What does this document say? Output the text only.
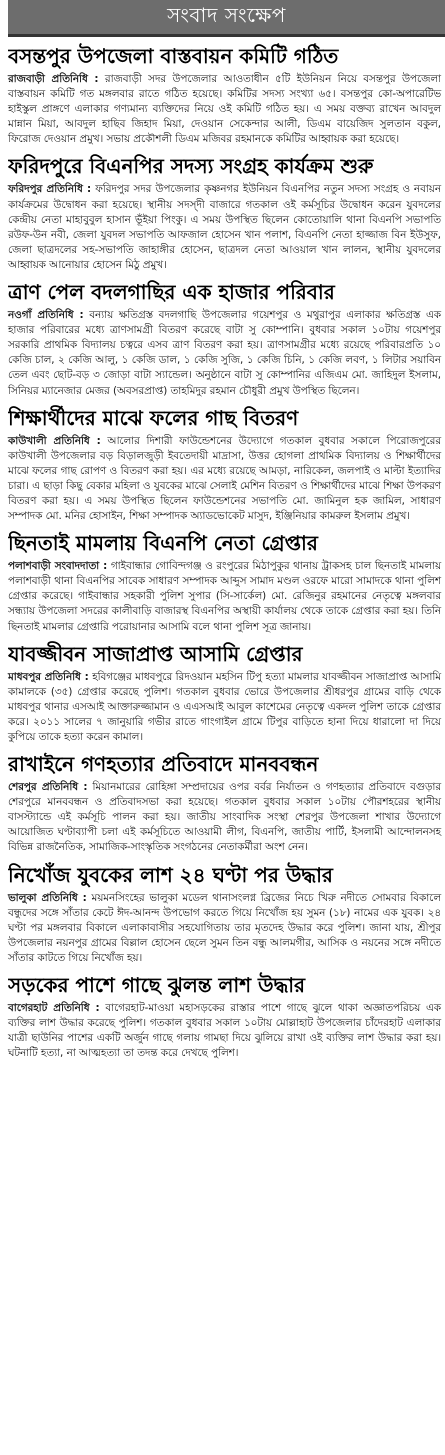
সংবাদ সংক্ষেপ
বসন্তপুর উপজেলা বাস্তবায়ন কমিটি গঠিত

রাজবাড়ী প্রতিনিধি : রাজবাড়ী সদর উপজেলার আওতাধীন ৫টি ইউনিয়ন নিয়ে বসন্তপুর উপজেলা বাস্তবায়ন কমিটি গত মঙ্গলবার রাতে গঠিত হয়েছে। কমিটির সদস্য সংখ্যা ৬৫। বসন্তপুর কো-অপারেটিভ হাইস্কুল প্রাঙ্গণে এলাকার গণ্যমান্য ব্যক্তিদের নিয়ে ওই কমিটি গঠিত হয়। এ সময় বক্তব্য রাখেন আবদুল মান্নান মিয়া, আবদুল হাছিব জিহাদ মিয়া, দেওয়ান সেকেন্দার আলী, ডিএম বায়েজিদ সুলতান বকুল, ফিরোজ দেওয়ান প্রমুখ। সভায় প্রকৌশলী ডিএম মজিবর রহমানকে কমিটির আহ্বায়ক করা হয়েছে।

ফরিদপুরে বিএনপির সদস্য সংগ্রহ কার্যক্রম শুরু

ফরিদপুর প্রতিনিধি : ফরিদপুর সদর উপজেলার কৃষ্ণনগর ইউনিয়ন বিএনপির নতুন সদস্য সংগ্রহ ও নবায়ন কার্যক্রমের উদ্বোধন করা হয়েছে। স্থানীয় সদস্দী বাজারে গতকাল ওই কর্মসূচির উদ্বোধন করেন যুবদলের কেন্দ্রীয় নেতা মাহাবুবুল হাসান ভূঁইয়া পিংকু। এ সময় উপস্থিত ছিলেন কোতোয়ালি থানা বিএনপি সভাপতি রউফ-উন নবী, জেলা যুবদল সভাপতি আফজাল হোসেন খান পলাশ, বিএনপি নেতা হাজ্জাজ বিন ইউসুফ, জেলা ছাত্রদলের সহ-সভাপতি জাহাঙ্গীর হোসেন, ছাত্রদল নেতা আওয়াল খান লালন, স্থানীয় যুবদলের আহ্বায়ক আনোয়ার হোসেন মিঠু প্রমুখ।

ত্রাণ পেল বদলগাছির এক হাজার পরিবার

নওগাঁ প্রতিনিধি : বন্যায় ক্ষতিগ্রস্ত বদলগাছি উপজেলার গয়েশপুর ও মথুরাপুর এলাকার ক্ষতিগ্রস্ত এক হাজার পরিবারের মধ্যে ত্রাণসামগ্রী বিতরণ করেছে বাটা সু কোম্পানি। বুধবার সকাল ১০টায় গয়েশপুর সরকারি প্রাথমিক বিদ্যালয় চত্বরে এসব ত্রাণ বিতরণ করা হয়। ত্রাণসামগ্রীর মধ্যে রয়েছে পরিবারপ্রতি ১০ কেজি চাল, ২ কেজি আলু, ১ কেজি ডাল, ১ কেজি সুজি, ১ কেজি চিনি, ১ কেজি লবণ, ১ লিটার সয়াবিন তেল এবং ছোট-বড় ৩ জোড়া বাটা স্যান্ডেল। অনুষ্ঠানে বাটা সু কোম্পানির এজিএম মো. জাহিদুল ইসলাম, সিনিয়র ম্যানেজার মেজর (অবসরপ্রাপ্ত) তাহমিদুর রহমান চৌধুরী প্রমুখ উপস্থিত ছিলেন।

শিক্ষার্থীদের মাঝে ফলের গাছ বিতরণ

কাউখালী প্রতিনিধি : আলোর দিশারী ফাউন্ডেশনের উদ্যোগে গতকাল বুধবার সকালে পিরোজপুরের কাউখালী উপজেলার বড় বিড়ালজুড়ী ইবতেদায়ী মাদ্রাসা, উত্তর হোগলা প্রাথমিক বিদ্যালয় ও শিক্ষার্থীদের মাঝে ফলের গাছ রোপণ ও বিতরণ করা হয়। এর মধ্যে রয়েছে আমড়া, নারিকেল, জলপাই ও মাল্টা ইত্যাদির চারা। এ ছাড়া কিছু বেকার মহিলা ও যুবকের মাঝে সেলাই মেশিন বিতরণ ও শিক্ষার্থীদের মাঝে শিক্ষা উপকরণ বিতরণ করা হয়। এ সময় উপস্থিত ছিলেন ফাউন্ডেশনের সভাপতি মো. জামিনুল হক জামিল, সাধারণ সম্পাদক মো. মনির হোসাইন, শিক্ষা সম্পাদক অ্যাডভোকেট মাসুদ, ইঞ্জিনিয়ার কামরুল ইসলাম প্রমুখ।

ছিনতাই মামলায় বিএনপি নেতা গ্রেপ্তার

পলাশবাড়ী সংবাদদাতা : গাইবান্ধার গোবিন্দগঞ্জ ও রংপুরের মিঠাপুকুর থানায় ট্রাকসহ চাল ছিনতাই মামলায় পলাশবাড়ী থানা বিএনপির সাবেক সাধারণ সম্পাদক আব্দুস সামাদ মণ্ডল ওরফে মারো সামাদকে থানা পুলিশ গ্রেপ্তার করেছে। গাইবান্ধার সহকারী পুলিশ সুপার (সি-সার্কেল) মো. রেজিনুর রহমানের নেতৃত্বে মঙ্গলবার সন্ধ্যায় উপজেলা সদরের কালীবাড়ি বাজারস্থ বিএনপির অস্থায়ী কার্যালয় থেকে তাকে গ্রেপ্তার করা হয়। তিনি ছিনতাই মামলার গ্রেপ্তারি পরোয়ানার আসামি বলে থানা পুলিশ সূত্র জানায়।

যাবজ্জীবন সাজাপ্রাপ্ত আসামি গ্রেপ্তার

মাধবপুর প্রতিনিধি : হবিগঞ্জের মাধবপুরে রিদওয়ান মহসিন টিপু হত্যা মামলার যাবজ্জীবন সাজাপ্রাপ্ত আসামি কামালকে (৩৫) গ্রেপ্তার করেছে পুলিশ। গতকাল বুধবার ভোরে উপজেলার শ্রীধরপুর গ্রামের বাড়ি থেকে মাধবপুর থানার এসআই আক্তারুজ্জামান ও এএসআই আবুল কাশেমের নেতৃত্বে একদল পুলিশ তাকে গ্রেপ্তার করে। ২০১১ সালের ৭ জানুয়ারি গভীর রাতে গাংগাইল গ্রামে টিপুর বাড়িতে হানা দিয়ে ধারালো দা দিয়ে কুপিয়ে তাকে হত্যা করেন কামাল।

রাখাইনে গণহত্যার প্রতিবাদে মানববন্ধন

শেরপুর প্রতিনিধি : মিয়ানমারের রোহিঙ্গা সম্প্রদায়ের ওপর বর্বর নির্যাতন ও গণহত্যার প্রতিবাদে বগুড়ার শেরপুরে মানববন্ধন ও প্রতিবাদসভা করা হয়েছে। গতকাল বুধবার সকাল ১০টায় পৌরশহরের স্থানীয় বাসস্ট্যান্ডে এই কর্মসূচি পালন করা হয়। জাতীয় সাংবাদিক সংস্থা শেরপুর উপজেলা শাখার উদ্যোগে আয়োজিত ঘণ্টাব্যাপী চলা এই কর্মসূচিতে আওয়ামী লীগ, বিএনপি, জাতীয় পার্টি, ইসলামী আন্দোলনসহ বিভিন্ন রাজনৈতিক, সামাজিক-সাংস্কৃতিক সংগঠনের নেতাকর্মীরা অংশ নেন।

নিখোঁজ যুবকের লাশ ২৪ ঘণ্টা পর উদ্ধার

ভালুকা প্রতিনিধি : ময়মনসিংহের ভালুকা মডেল থানাসংলগ্ন ব্রিজের নিচে খিরু নদীতে সোমবার বিকালে বন্ধুদের সঙ্গে সাঁতার কেটে ঈদ-আনন্দ উপভোগ করতে গিয়ে নিখোঁজ হয় সুমন (১৮) নামের এক যুবক। ২৪ ঘণ্টা পর মঙ্গলবার বিকালে এলাকাবাসীর সহযোগিতায় তার মৃতদেহ উদ্ধার করে পুলিশ। জানা যায়, শ্রীপুর উপজেলার নয়নপুর গ্রামের বিল্লাল হোসেন ছেলে সুমন তিন বন্ধু আলমগীর, আসিক ও নয়নের সঙ্গে নদীতে সাঁতার কাটতে গিয়ে নিখোঁজ হয়।

সড়কের পাশে গাছে ঝুলন্ত লাশ উদ্ধার

বাগেরহাট প্রতিনিধি : বাগেরহাট-মাওয়া মহাসড়কের রাস্তার পাশে গাছে ঝুলে থাকা অজ্ঞাতপরিচয় এক ব্যক্তির লাশ উদ্ধার করেছে পুলিশ। গতকাল বুধবার সকাল ১০টায় মোল্লাহাট উপজেলার চাঁদেরহাট এলাকার যাত্রী ছাউনির পাশের একটি অর্জুন গাছে গলায় গামছা দিয়ে ঝুলিয়ে রাখা ওই ব্যক্তির লাশ উদ্ধার করা হয়। ঘটনাটি হত্যা, না আত্মহত্যা তা তদন্ত করে দেখছে পুলিশ।
